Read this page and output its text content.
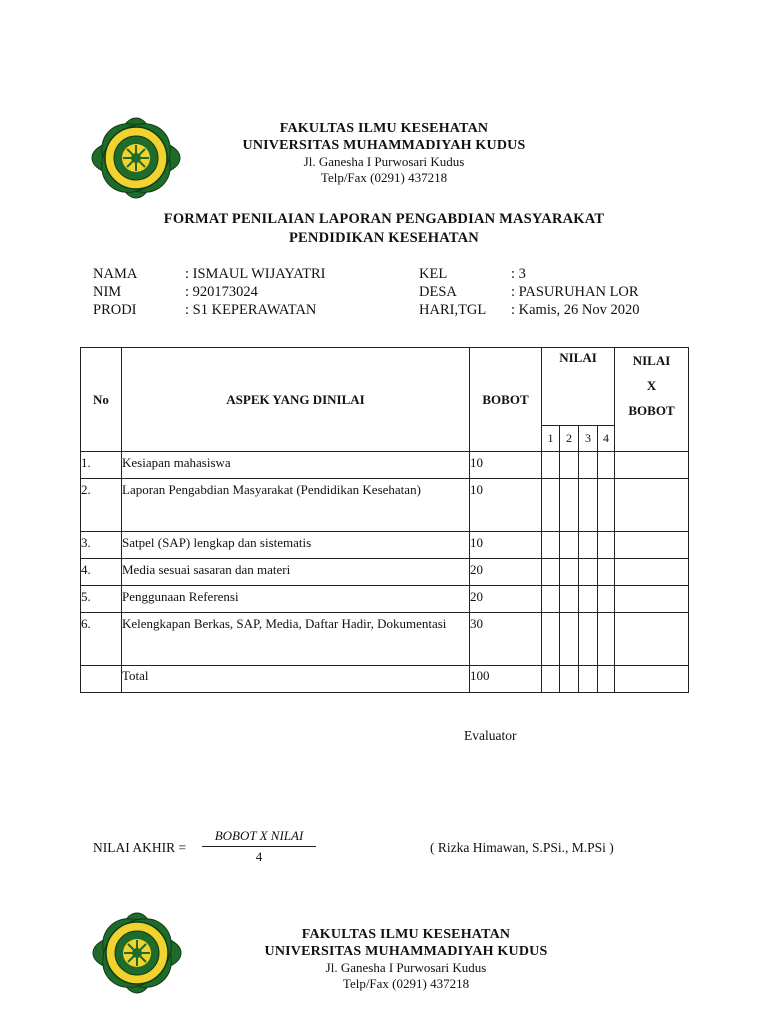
FAKULTAS ILMU KESEHATAN
UNIVERSITAS MUHAMMADIYAH KUDUS
Jl. Ganesha I Purwosari Kudus
Telp/Fax (0291) 437218
FORMAT PENILAIAN LAPORAN PENGABDIAN MASYARAKAT
PENDIDIKAN KESEHATAN
NAMA	: ISMAUL WIJAYATRI
NIM	: 920173024
PRODI	: S1 KEPERAWATAN
KEL	: 3
DESA	: PASURUHAN LOR
HARI,TGL : Kamis, 26 Nov 2020
No	ASPEK YANG DINILAI	BOBOT	NILAI				NILAI
X
BOBOT

			1	2	3	4	
1.	Kesiapan mahasiswa	10					
2.	Laporan Pengabdian Masyarakat (Pendidikan Kesehatan)	10					
3.	Satpel (SAP) lengkap dan sistematis	10					
4.	Media sesuai sasaran dan materi	20					
5.	Penggunaan Referensi	20					
6.	Kelengkapan Berkas, SAP, Media, Daftar Hadir, Dokumentasi	30					
	Total	100					
Evaluator
NILAI AKHIR =
BOBOT X NILAI
4
( Rizka Himawan, S.PSi., M.PSi )
FAKULTAS ILMU KESEHATAN
UNIVERSITAS MUHAMMADIYAH KUDUS
Jl. Ganesha I Purwosari Kudus
Telp/Fax (0291) 437218
